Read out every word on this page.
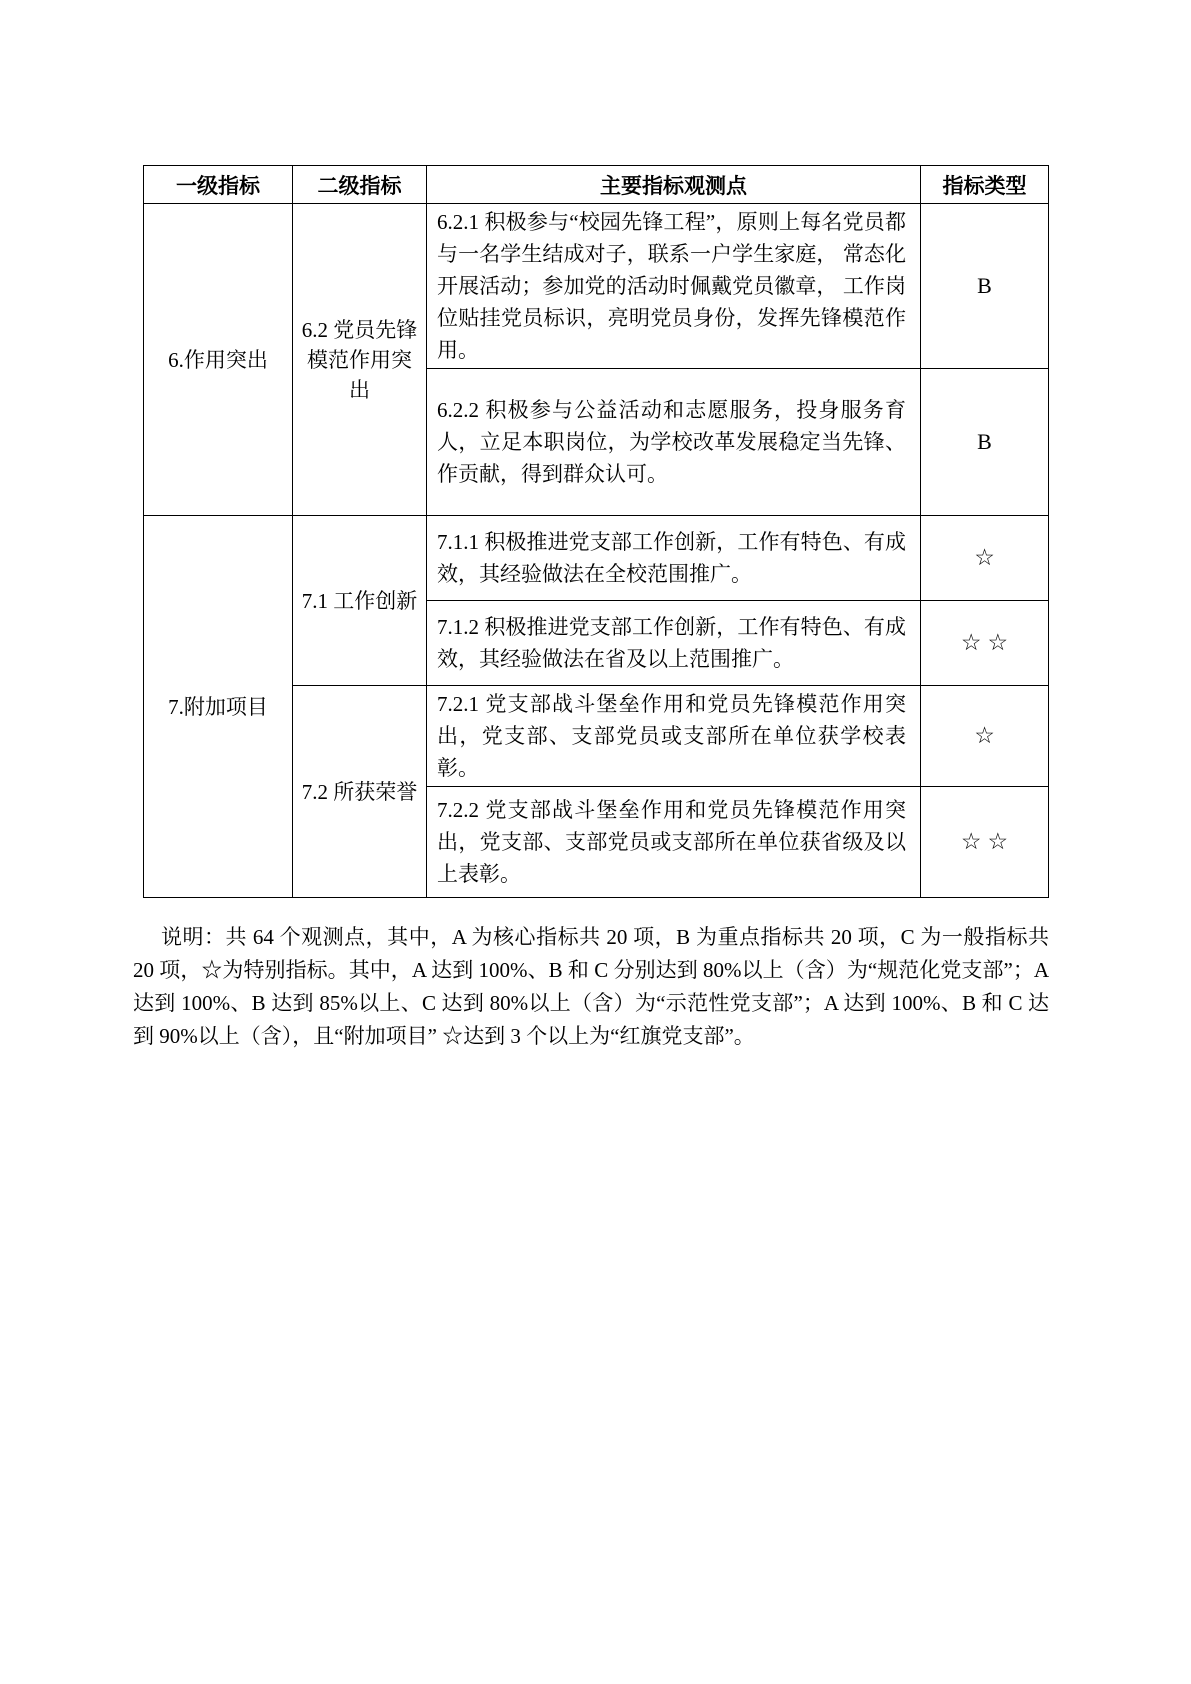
一级指标	二级指标	主要指标观测点	指标类型
6.作用突出	6.2 党员先锋模范作用突出	6.2.1 积极参与“校园先锋工程”，原则上每名党员都与一名学生结成对子，联系一户学生家庭， 常态化开展活动；参加党的活动时佩戴党员徽章， 工作岗位贴挂党员标识，亮明党员身份，发挥先锋模范作用。	B
		6.2.2 积极参与公益活动和志愿服务，投身服务育人，立足本职岗位，为学校改革发展稳定当先锋、作贡献，得到群众认可。	B
7.附加项目	7.1 工作创新	7.1.1 积极推进党支部工作创新，工作有特色、有成效，其经验做法在全校范围推广。	☆
		7.1.2 积极推进党支部工作创新，工作有特色、有成效，其经验做法在省及以上范围推广。	☆☆
	7.2 所获荣誉	7.2.1 党支部战斗堡垒作用和党员先锋模范作用突出，党支部、支部党员或支部所在单位获学校表彰。	☆
		7.2.2 党支部战斗堡垒作用和党员先锋模范作用突出，党支部、支部党员或支部所在单位获省级及以上表彰。	☆☆

说明：共 64 个观测点，其中，A 为核心指标共 20 项，B 为重点指标共 20 项，C 为一般指标共 20 项，☆为特别指标。其中，A 达到 100%、B 和 C 分别达到 80%以上（含）为“规范化党支部”；A 达到 100%、B 达到 85%以上、C 达到 80%以上（含）为“示范性党支部”；A 达到 100%、B 和 C 达到 90%以上（含），且“附加项目” ☆达到 3 个以上为“红旗党支部”。
